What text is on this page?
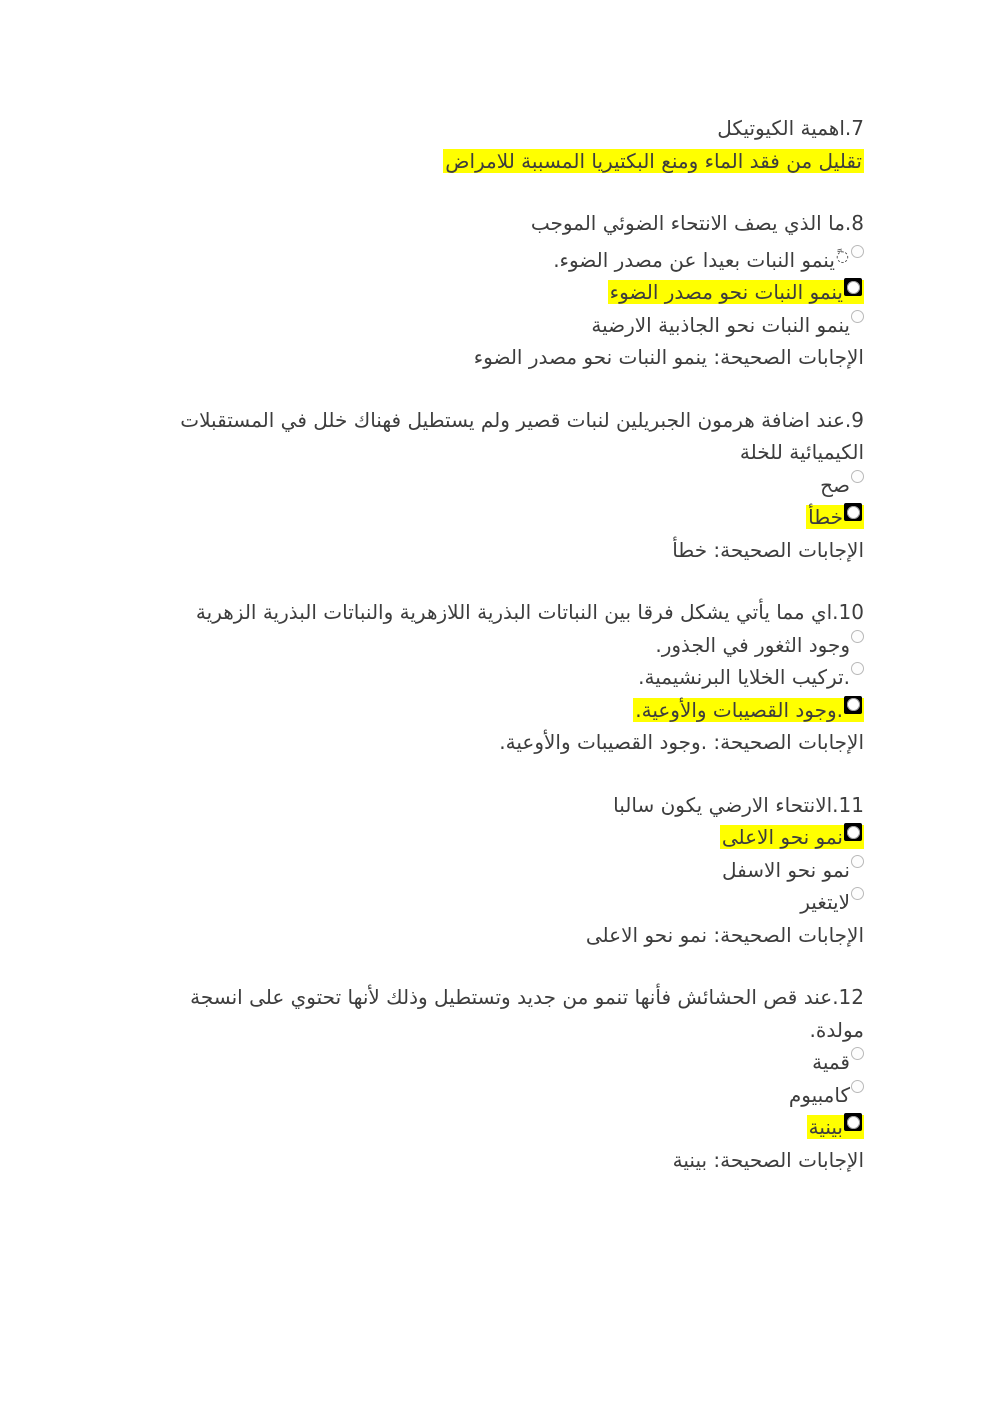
7.اهمية الكيوتيكل
تقليل من فقد الماء ومنع البكتيريا المسببة للامراض
8.ما الذي يصف الانتحاء الضوئي الموجب
◌ًينمو النبات بعيدا عن مصدر الضوء.
ينمو النبات نحو مصدر الضوء
ينمو النبات نحو الجاذبية الارضية
الإجابات الصحيحة: ينمو النبات نحو مصدر الضوء
9.عند اضافة هرمون الجبريلين لنبات قصير ولم يستطيل فهناك خلل في المستقبلات الكيميائية للخلة
صح
خطأ
الإجابات الصحيحة: خطأ
10.اي مما يأتي يشكل فرقا بين النباتات البذرية اللازهرية والنباتات البذرية الزهرية
وجود الثغور في الجذور.
.تركيب الخلايا البرنشيمية.
.وجود القصيبات والأوعية.
الإجابات الصحيحة: .وجود القصيبات والأوعية.
11.الانتحاء الارضي يكون سالبا
نمو نحو الاعلى
نمو نحو الاسفل
لايتغير
الإجابات الصحيحة: نمو نحو الاعلى
12.عند قص الحشائش فأنها تنمو من جديد وتستطيل وذلك لأنها تحتوي على انسجة مولدة.
قمية
كامبيوم
بينية
الإجابات الصحيحة: بينية
